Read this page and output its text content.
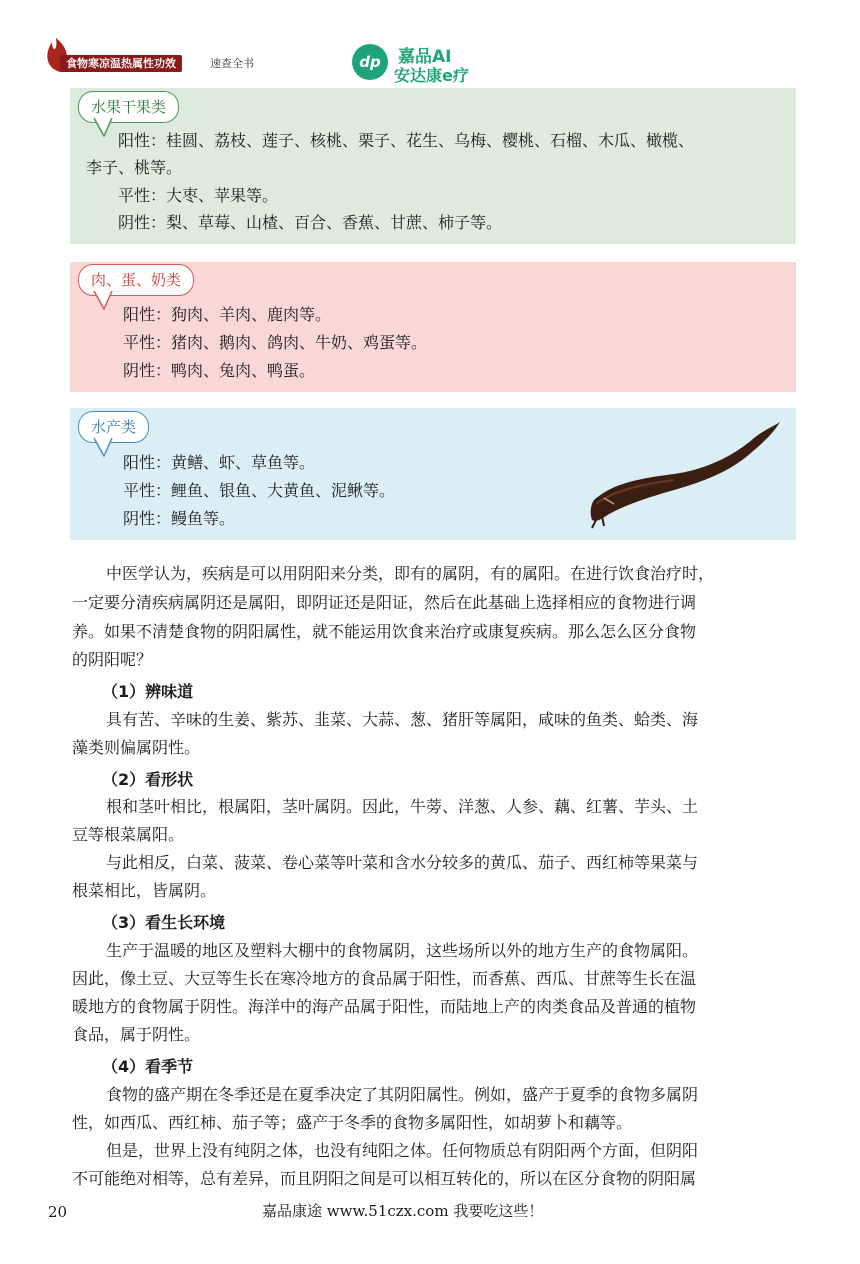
食物寒凉温热属性功效	速查全书	dp	嘉品AI
安达康e疗
水果干果类
阳性：桂圆、荔枝、莲子、核桃、栗子、花生、乌梅、樱桃、石榴、木瓜、橄榄、
李子、桃等。
平性：大枣、苹果等。
阴性：梨、草莓、山楂、百合、香蕉、甘蔗、柿子等。
肉、蛋、奶类
阳性：狗肉、羊肉、鹿肉等。
平性：猪肉、鹅肉、鸽肉、牛奶、鸡蛋等。
阴性：鸭肉、兔肉、鸭蛋。
水产类
阳性：黄鳝、虾、草鱼等。
平性：鲤鱼、银鱼、大黄鱼、泥鳅等。
阴性：鳗鱼等。
中医学认为，疾病是可以用阴阳来分类，即有的属阴，有的属阳。在进行饮食治疗时，
一定要分清疾病属阴还是属阳，即阴证还是阳证，然后在此基础上选择相应的食物进行调
养。如果不清楚食物的阴阳属性，就不能运用饮食来治疗或康复疾病。那么怎么区分食物
的阴阳呢？
（1）辨味道
具有苦、辛味的生姜、紫苏、韭菜、大蒜、葱、猪肝等属阳，咸味的鱼类、蛤类、海
藻类则偏属阴性。
（2）看形状
根和茎叶相比，根属阳，茎叶属阴。因此，牛蒡、洋葱、人参、藕、红薯、芋头、土
豆等根菜属阳。
与此相反，白菜、菠菜、卷心菜等叶菜和含水分较多的黄瓜、茄子、西红柿等果菜与
根菜相比，皆属阴。
（3）看生长环境
生产于温暖的地区及塑料大棚中的食物属阴，这些场所以外的地方生产的食物属阳。
因此，像土豆、大豆等生长在寒冷地方的食品属于阳性，而香蕉、西瓜、甘蔗等生长在温
暖地方的食物属于阴性。海洋中的海产品属于阳性，而陆地上产的肉类食品及普通的植物
食品，属于阴性。
（4）看季节
食物的盛产期在冬季还是在夏季决定了其阴阳属性。例如，盛产于夏季的食物多属阴
性，如西瓜、西红柿、茄子等；盛产于冬季的食物多属阳性，如胡萝卜和藕等。
但是，世界上没有纯阴之体，也没有纯阳之体。任何物质总有阴阳两个方面，但阴阳
不可能绝对相等，总有差异，而且阴阳之间是可以相互转化的，所以在区分食物的阴阳属
20	嘉品康途 www.51czx.com 我要吃这些！
